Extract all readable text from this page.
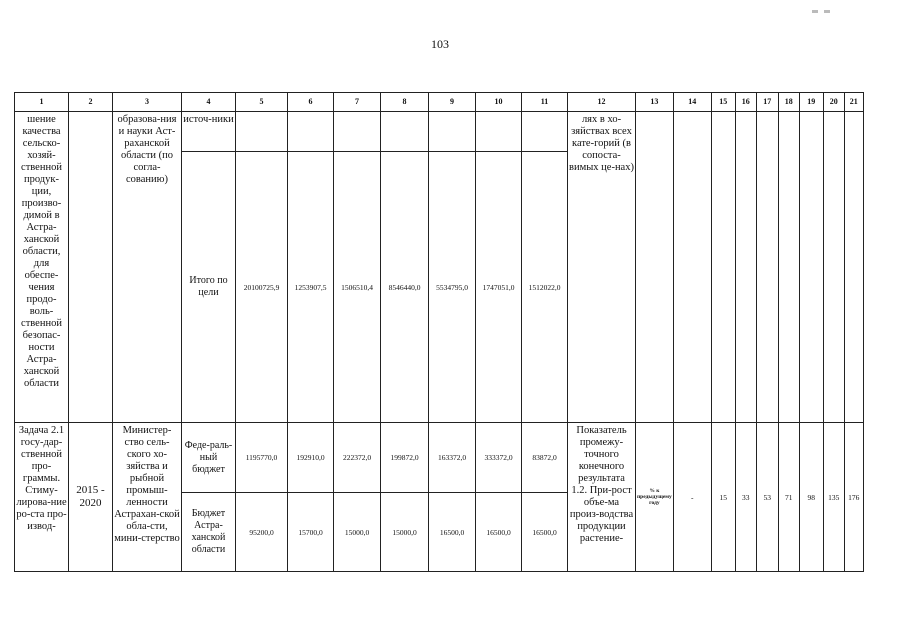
103
1	2	3	4	5	6	7	8	9	10	11	12	13	14	15	16	17	18	19	20	21
шение качества сельско-хозяй-ственной продук-ции, произво-димой в Астра-ханской области, для обеспе-чения продо-воль-ственной безопас-ности Астра-ханской области		образова-ния и науки Аст-раханской области (по согла-сованию)	источ-ники								лях в хо-зяйствах всех кате-горий (в сопоста-вимых це-нах)									
			Итого по цели	20100725,9	1253907,5	1506510,4	8546440,0	5534795,0	1747051,0	1512022,0										
Задача 2.1 госу-дар-ственной про-граммы. Стиму-лирова-ние ро-ста про-извод-	2015 - 2020	Министер-ство сель-ского хо-зяйства и рыбной промыш-ленности Астрахан-ской обла-сти, мини-стерство	Феде-раль-ный бюджет	1195770,0	192910,0	222372,0	199872,0	163372,0	333372,0	83872,0	Показатель промежу-точного конечного результата 1.2. При-рост объе-ма произ-водства продукции растение-	% к предыдущему году	-	15	33	53	71	98	135	176
			Бюджет Астра-ханской области	95200,0	15700,0	15000,0	15000,0	16500,0	16500,0	16500,0										
